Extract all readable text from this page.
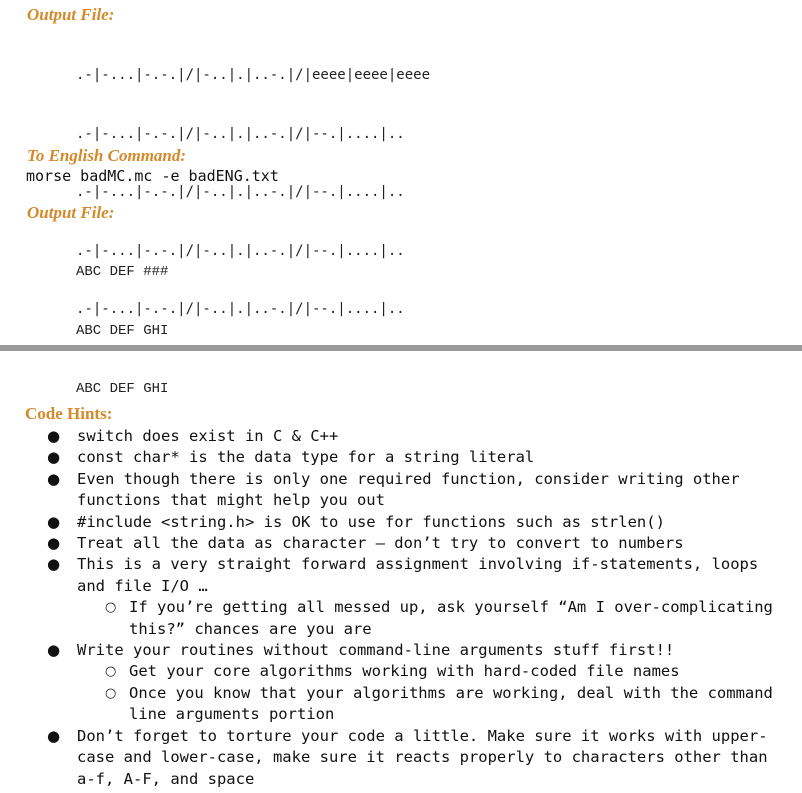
Output File:

.-|-...|-.-.|/|-..|.|..-.|/|eeee|eeee|eeee

.-|-...|-.-.|/|-..|.|..-.|/|--.|....|..

.-|-...|-.-.|/|-..|.|..-.|/|--.|....|..

.-|-...|-.-.|/|-..|.|..-.|/|--.|....|..

.-|-...|-.-.|/|-..|.|..-.|/|--.|....|..

To English Command:

morse badMC.mc -e badENG.txt

Output File:

ABC DEF ###

ABC DEF GHI

ABC DEF GHI

Code Hints:

●	switch does exist in C & C++
●	const char* is the data type for a string literal
●	Even though there is only one required function, consider writing other functions that might help you out
●	#include <string.h> is OK to use for functions such as strlen()
●	Treat all the data as character – don’t try to convert to numbers
●	This is a very straight forward assignment involving if-statements, loops and file I/O …
○ If you’re getting all messed up, ask yourself “Am I over-complicating this?” chances are you are
●	Write your routines without command-line arguments stuff first!!
○ Get your core algorithms working with hard-coded file names
○ Once you know that your algorithms are working, deal with the command line arguments portion
●	Don’t forget to torture your code a little. Make sure it works with upper-case and lower-case, make sure it reacts properly to characters other than a-f, A-F, and space
